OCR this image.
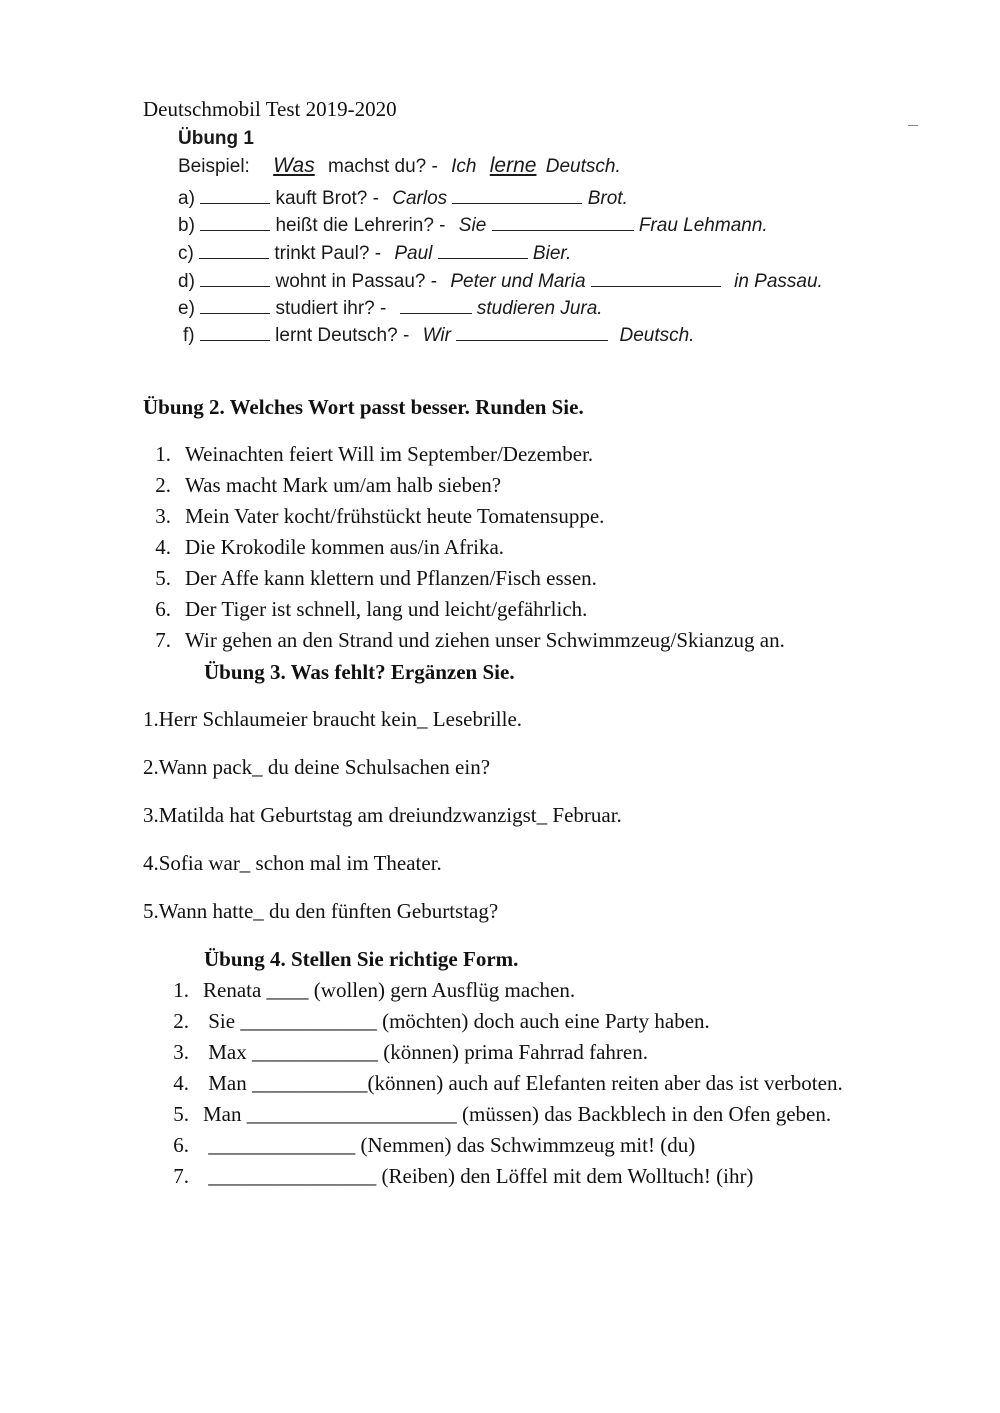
Deutschmobil Test 2019-2020
Übung 1
Beispiel: Was machst du? - Ich lerne Deutsch.
a)	kauft Brot? - Carlos	Brot.
b)	heißt die Lehrerin? - Sie	Frau Lehmann.
c)	trinkt Paul? - Paul	Bier.
d)	wohnt in Passau? - Peter und Maria	in Passau.
e)	studiert ihr? -	studieren Jura.
f)	lernt Deutsch? - Wir	Deutsch.
Übung 2. Welches Wort passt besser. Runden Sie.
1. Weinachten feiert Will im September/Dezember.
2. Was macht Mark um/am halb sieben?
3. Mein Vater kocht/frühstückt heute Tomatensuppe.
4. Die Krokodile kommen aus/in Afrika.
5. Der Affe kann klettern und Pflanzen/Fisch essen.
6. Der Tiger ist schnell, lang und leicht/gefährlich.
7. Wir gehen an den Strand und ziehen unser Schwimmzeug/Skianzug an.
Übung 3. Was fehlt? Ergänzen Sie.
1.Herr Schlaumeier braucht kein_ Lesebrille.
2.Wann pack_ du deine Schulsachen ein?
3.Matilda hat Geburtstag am dreiundzwanzigst_ Februar.
4.Sofia war_ schon mal im Theater.
5.Wann hatte_ du den fünften Geburtstag?
Übung 4. Stellen Sie richtige Form.
1. Renata ____ (wollen) gern Ausflüg machen.
2. Sie _____________ (möchten) doch auch eine Party haben.
3. Max ____________ (können) prima Fahrrad fahren.
4. Man ___________(können) auch auf Elefanten reiten aber das ist verboten.
5. Man ____________________ (müssen) das Backblech in den Ofen geben.
6. ______________ (Nemmen) das Schwimmzeug mit! (du)
7. ________________ (Reiben) den Löffel mit dem Wolltuch! (ihr)
